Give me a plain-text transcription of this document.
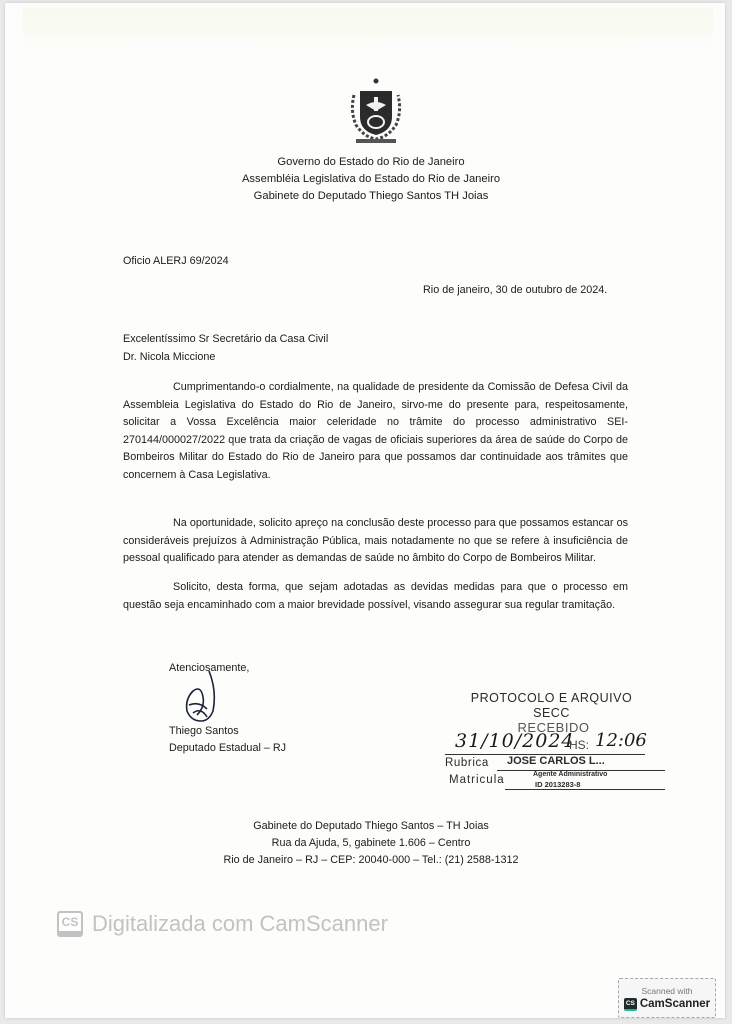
Governo do Estado do Rio de Janeiro
Assembléia Legislativa do Estado do Rio de Janeiro
Gabinete do Deputado Thiego Santos TH Joias
Oficio ALERJ 69/2024
Rio de janeiro, 30 de outubro de 2024.
Excelentíssimo Sr Secretário da Casa Civil
Dr. Nicola Miccione
Cumprimentando-o cordialmente, na qualidade de presidente da Comissão de Defesa Civil da Assembleia Legislativa do Estado do Rio de Janeiro, sirvo-me do presente para, respeitosamente, solicitar a Vossa Excelência maior celeridade no trâmite do processo administrativo SEI-270144/000027/2022 que trata da criação de vagas de oficiais superiores da área de saúde do Corpo de Bombeiros Militar do Estado do Rio de Janeiro para que possamos dar continuidade aos trâmites que concernem à Casa Legislativa.
Na oportunidade, solicito apreço na conclusão deste processo para que possamos estancar os consideráveis prejuízos à Administração Pública, mais notadamente no que se refere à insuficiência de pessoal qualificado para atender as demandas de saúde no âmbito do Corpo de Bombeiros Militar.
Solicito, desta forma, que sejam adotadas as devidas medidas para que o processo em questão seja encaminhado com a maior brevidade possível, visando assegurar sua regular tramitação.
Atenciosamente,
Thiego Santos
Deputado Estadual – RJ
PROTOCOLO E ARQUIVO
SECC
RECEBIDO
31/10/2024
HS: 12:06
Rubrica JOSE CARLOS L...
Matricula	Agente Administrativo
ID 2013283-8
Gabinete do Deputado Thiego Santos – TH Joias
Rua da Ajuda, 5, gabinete 1.606 – Centro
Rio de Janeiro – RJ – CEP: 20040-000 – Tel.: (21) 2588-1312
CS Digitalizada com CamScanner
Scanned with
CS CamScanner
